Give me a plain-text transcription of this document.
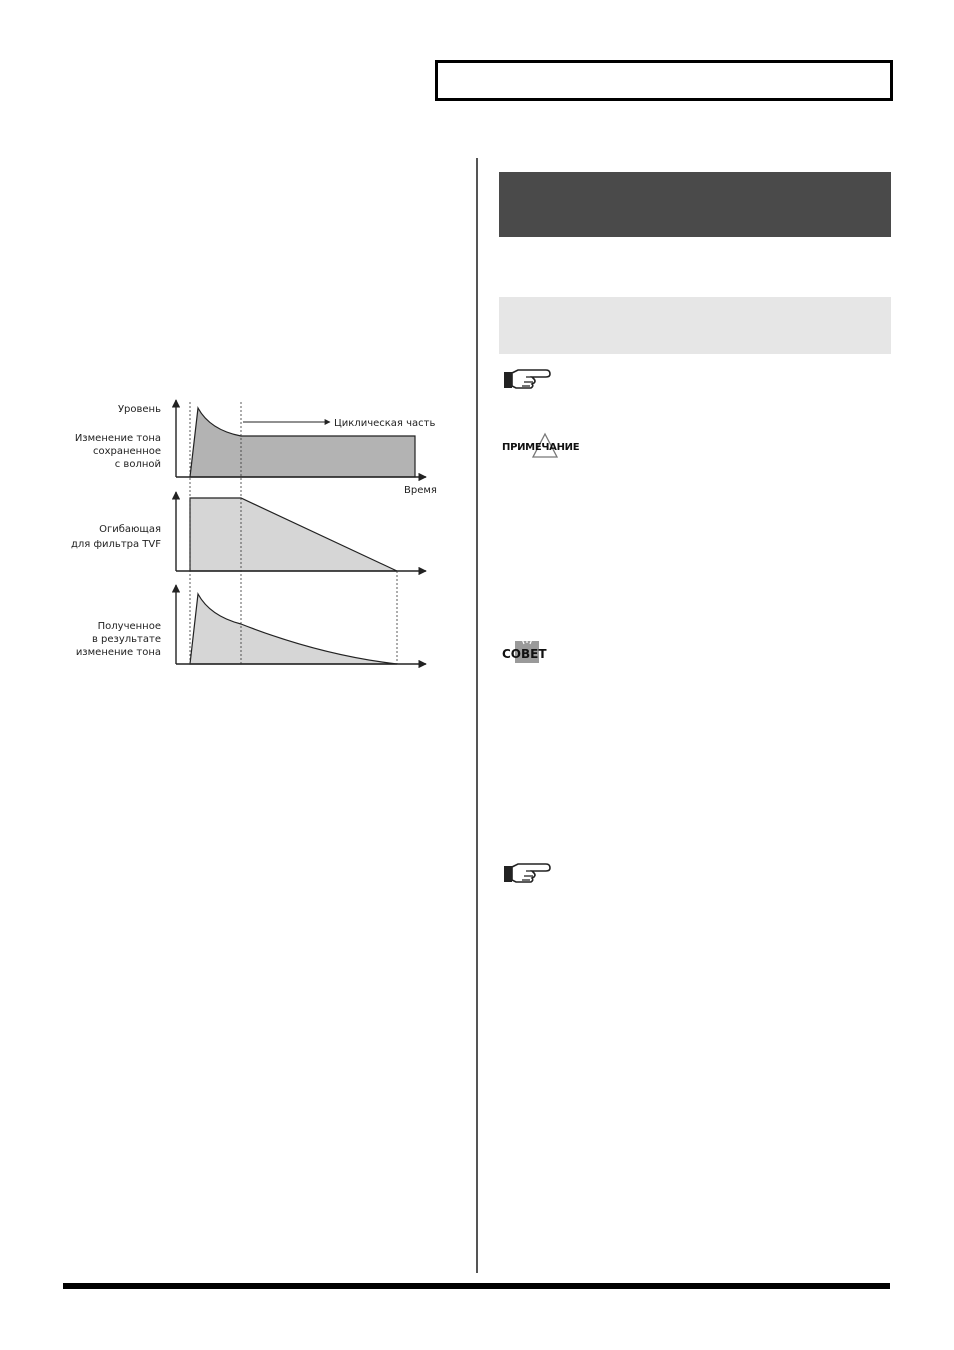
ПРИМЕЧАНИЕ
СОВЕТ
Циклическая часть
Уровень
Изменение тона
сохраненное
с волной
Время
Огибающая
для фильтра TVF
Полученное
в результате
изменение тона
